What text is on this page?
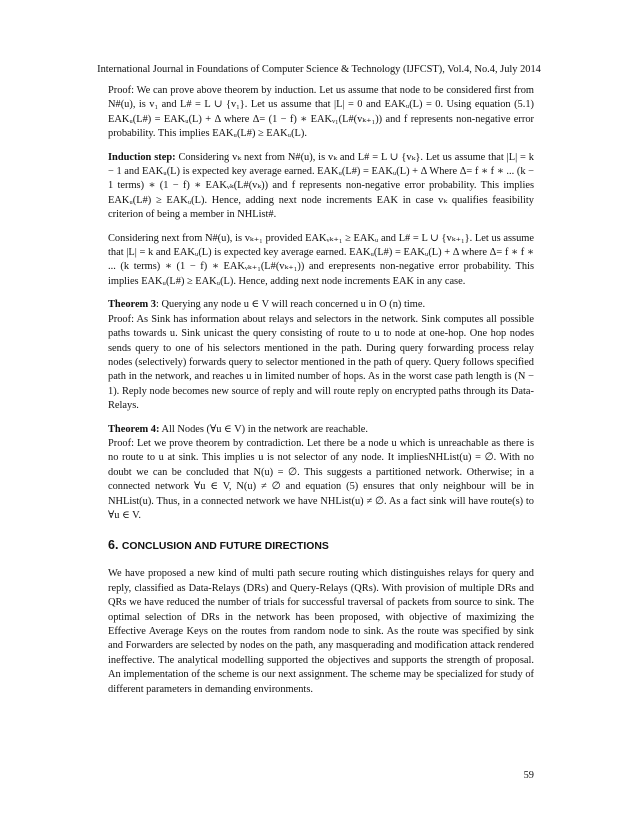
International Journal in Foundations of Computer Science & Technology (IJFCST), Vol.4, No.4, July 2014

Proof: We can prove above theorem by induction. Let us assume that node to be considered first from N#(u), is v₁ and L# = L ∪ {v₁}. Let us assume that |L| = 0 and EAKᵤ(L) = 0. Using equation (5.1) EAKᵤ(L#) = EAKᵤ(L) + Δ where Δ= (1 − f) ∗ EAKᵥ₁(L#(vₖ₊₁)) and f represents non-negative error probability. This implies EAKᵤ(L#) ≥ EAKᵤ(L).

Induction step: Considering vₖ next from N#(u), is vₖ and L# = L ∪ {vₖ}. Let us assume that |L| = k − 1 and EAKᵤ(L) is expected key average earned. EAKᵤ(L#) = EAKᵤ(L) + Δ Where Δ= f ∗ f ∗ ... (k − 1 terms) ∗ (1 − f) ∗ EAKᵥₖ(L#(vₖ)) and f represents non-negative error probability. This implies EAKᵤ(L#) ≥ EAKᵤ(L). Hence, adding next node increments EAK in case vₖ qualifies feasibility criterion of being a member in NHList#.

Considering next from N#(u), is vₖ₊₁ provided EAKᵥₖ₊₁ ≥ EAKᵤ and L# = L ∪ {vₖ₊₁}. Let us assume that |L| = k and EAKᵤ(L) is expected key average earned. EAKᵤ(L#) = EAKᵤ(L) + Δ where Δ= f ∗ f ∗ ... (k terms) ∗ (1 − f) ∗ EAKᵥₖ₊₁(L#(vₖ₊₁)) and erepresents non-negative error probability. This implies EAKᵤ(L#) ≥ EAKᵤ(L). Hence, adding next node increments EAK in any case.

Theorem 3: Querying any node u ∈ V will reach concerned u in O (n) time.

Proof: As Sink has information about relays and selectors in the network. Sink computes all possible paths towards u. Sink unicast the query consisting of route to u to node at one-hop. One hop nodes sends query to one of his selectors mentioned in the path. During query forwarding process relay nodes (selectively) forwards query to selector mentioned in the path of query. Query follows specified path in the network, and reaches u in limited number of hops. As in the worst case path length is (N − 1). Reply node becomes new source of reply and will route reply on encrypted paths through its Data-Relays.

Theorem 4: All Nodes (∀u ∈ V) in the network are reachable.

Proof: Let we prove theorem by contradiction. Let there be a node u which is unreachable as there is no route to u at sink. This implies u is not selector of any node. It impliesNHList(u) = ∅. With no doubt we can be concluded that N(u) = ∅. This suggests a partitioned network. Otherwise; in a connected network ∀u ∈ V, N(u) ≠ ∅ and equation (5) ensures that only neighbour will be in NHList(u). Thus, in a connected network we have NHList(u) ≠ ∅. As a fact sink will have route(s) to ∀u ∈ V.

6. CONCLUSION AND FUTURE DIRECTIONS

We have proposed a new kind of multi path secure routing which distinguishes relays for query and reply, classified as Data-Relays (DRs) and Query-Relays (QRs). With provision of multiple DRs and QRs we have reduced the number of trials for successful traversal of packets from source to sink. The optimal selection of DRs in the network has been proposed, with objective of maximizing the Effective Average Keys on the routes from random node to sink. As the route was specified by sink and Forwarders are selected by nodes on the path, any masquerading and modification attack rendered ineffective. The analytical modelling supported the objectives and supports the strength of proposal. An implementation of the scheme is our next assignment. The scheme may be specialized for study of different parameters in demanding environments.

59
